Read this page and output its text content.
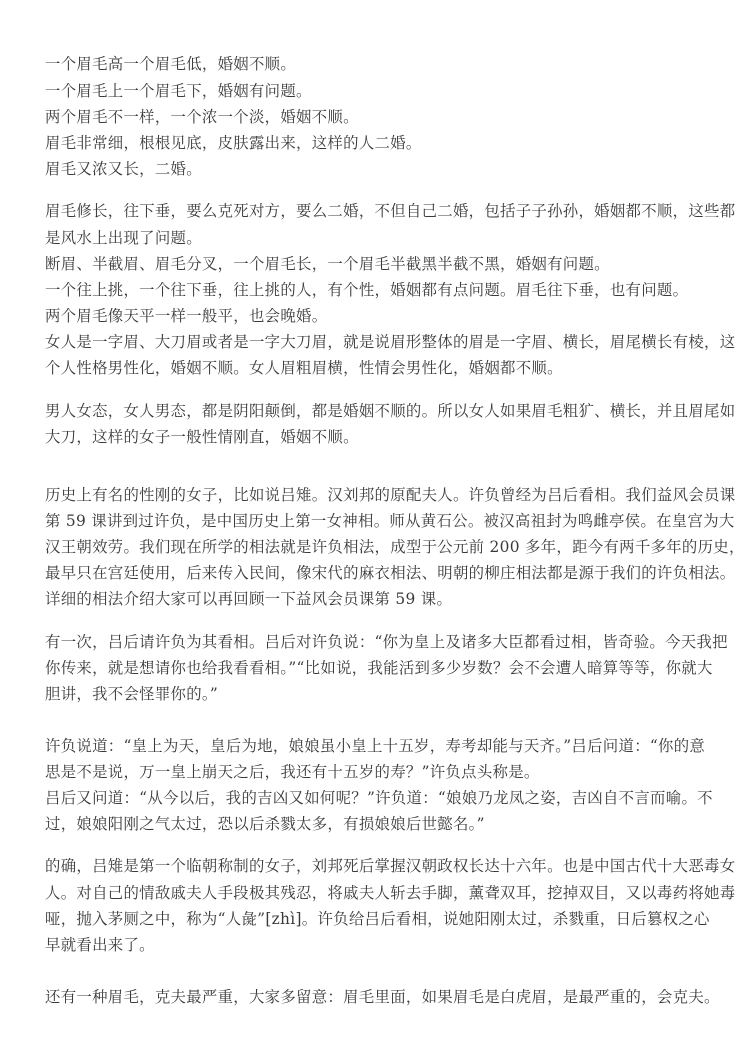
一个眉毛高一个眉毛低，婚姻不顺。
一个眉毛上一个眉毛下，婚姻有问题。
两个眉毛不一样，一个浓一个淡，婚姻不顺。
眉毛非常细，根根见底，皮肤露出来，这样的人二婚。
眉毛又浓又长，二婚。
眉毛修长，往下垂，要么克死对方，要么二婚，不但自己二婚，包括子子孙孙，婚姻都不顺，这些都
是风水上出现了问题。
断眉、半截眉、眉毛分叉，一个眉毛长，一个眉毛半截黑半截不黑，婚姻有问题。
一个往上挑，一个往下垂，往上挑的人，有个性，婚姻都有点问题。眉毛往下垂，也有问题。
两个眉毛像天平一样一般平，也会晚婚。
女人是一字眉、大刀眉或者是一字大刀眉，就是说眉形整体的眉是一字眉、横长，眉尾横长有棱，这
个人性格男性化，婚姻不顺。女人眉粗眉横，性情会男性化，婚姻都不顺。
男人女态，女人男态，都是阴阳颠倒，都是婚姻不顺的。所以女人如果眉毛粗犷、横长，并且眉尾如
大刀，这样的女子一般性情刚直，婚姻不顺。
历史上有名的性刚的女子，比如说吕雉。汉刘邦的原配夫人。许负曾经为吕后看相。我们益风会员课
第 59 课讲到过许负，是中国历史上第一女神相。师从黄石公。被汉高祖封为鸣雌亭侯。在皇宫为大
汉王朝效劳。我们现在所学的相法就是许负相法，成型于公元前 200 多年，距今有两千多年的历史，
最早只在宫廷使用，后来传入民间，像宋代的麻衣相法、明朝的柳庄相法都是源于我们的许负相法。
详细的相法介绍大家可以再回顾一下益风会员课第 59 课。
有一次，吕后请许负为其看相。吕后对许负说：“你为皇上及诸多大臣都看过相，皆奇验。今天我把
你传来，就是想请你也给我看看相。”“比如说，我能活到多少岁数？会不会遭人暗算等等，你就大
胆讲，我不会怪罪你的。”
许负说道：“皇上为天，皇后为地，娘娘虽小皇上十五岁，寿考却能与天齐。”吕后问道：“你的意
思是不是说，万一皇上崩天之后，我还有十五岁的寿？”许负点头称是。
吕后又问道：“从今以后，我的吉凶又如何呢？”许负道：“娘娘乃龙凤之姿，吉凶自不言而喻。不
过，娘娘阳刚之气太过，恐以后杀戮太多，有损娘娘后世懿名。”
的确，吕雉是第一个临朝称制的女子，刘邦死后掌握汉朝政权长达十六年。也是中国古代十大恶毒女
人。对自己的情敌戚夫人手段极其残忍，将戚夫人斩去手脚，薰聋双耳，挖掉双目，又以毒药将她毒
哑，抛入茅厕之中，称为“人彘”[zhì]。许负给吕后看相，说她阳刚太过，杀戮重，日后篡权之心
早就看出来了。
还有一种眉毛，克夫最严重，大家多留意：眉毛里面，如果眉毛是白虎眉，是最严重的，会克夫。
